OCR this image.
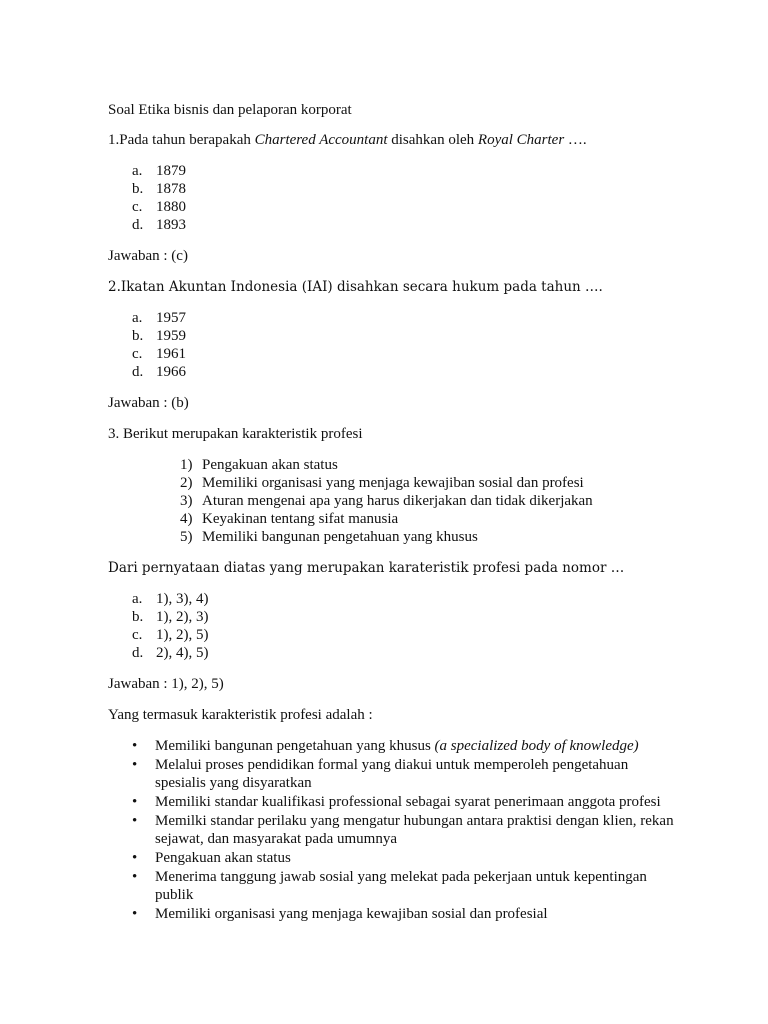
Soal Etika bisnis dan pelaporan korporat

1.Pada tahun berapakah Chartered Accountant disahkan oleh Royal Charter ….

a. 1879

b. 1878

c. 1880

d. 1893

Jawaban : (c)

2.Ikatan Akuntan Indonesia (IAI) disahkan secara hukum pada tahun ….

a. 1957

b. 1959

c. 1961

d. 1966

Jawaban : (b)

3. Berikut merupakan karakteristik profesi

1) Pengakuan akan status

2) Memiliki organisasi yang menjaga kewajiban sosial dan profesi

3) Aturan mengenai apa yang harus dikerjakan dan tidak dikerjakan

4) Keyakinan tentang sifat manusia

5) Memiliki bangunan pengetahuan yang khusus

Dari pernyataan diatas yang merupakan karateristik profesi pada nomor …

a. 1), 3), 4)

b. 1), 2), 3)

c. 1), 2), 5)

d. 2), 4), 5)

Jawaban : 1), 2), 5)

Yang termasuk karakteristik profesi adalah :

• Memiliki bangunan pengetahuan yang khusus (a specialized body of knowledge)
• Melalui proses pendidikan formal yang diakui untuk memperoleh pengetahuan spesialis yang disyaratkan
• Memiliki standar kualifikasi professional sebagai syarat penerimaan anggota profesi
• Memilki standar perilaku yang mengatur hubungan antara praktisi dengan klien, rekan sejawat, dan masyarakat pada umumnya
• Pengakuan akan status
• Menerima tanggung jawab sosial yang melekat pada pekerjaan untuk kepentingan publik
• Memiliki organisasi yang menjaga kewajiban sosial dan profesial
